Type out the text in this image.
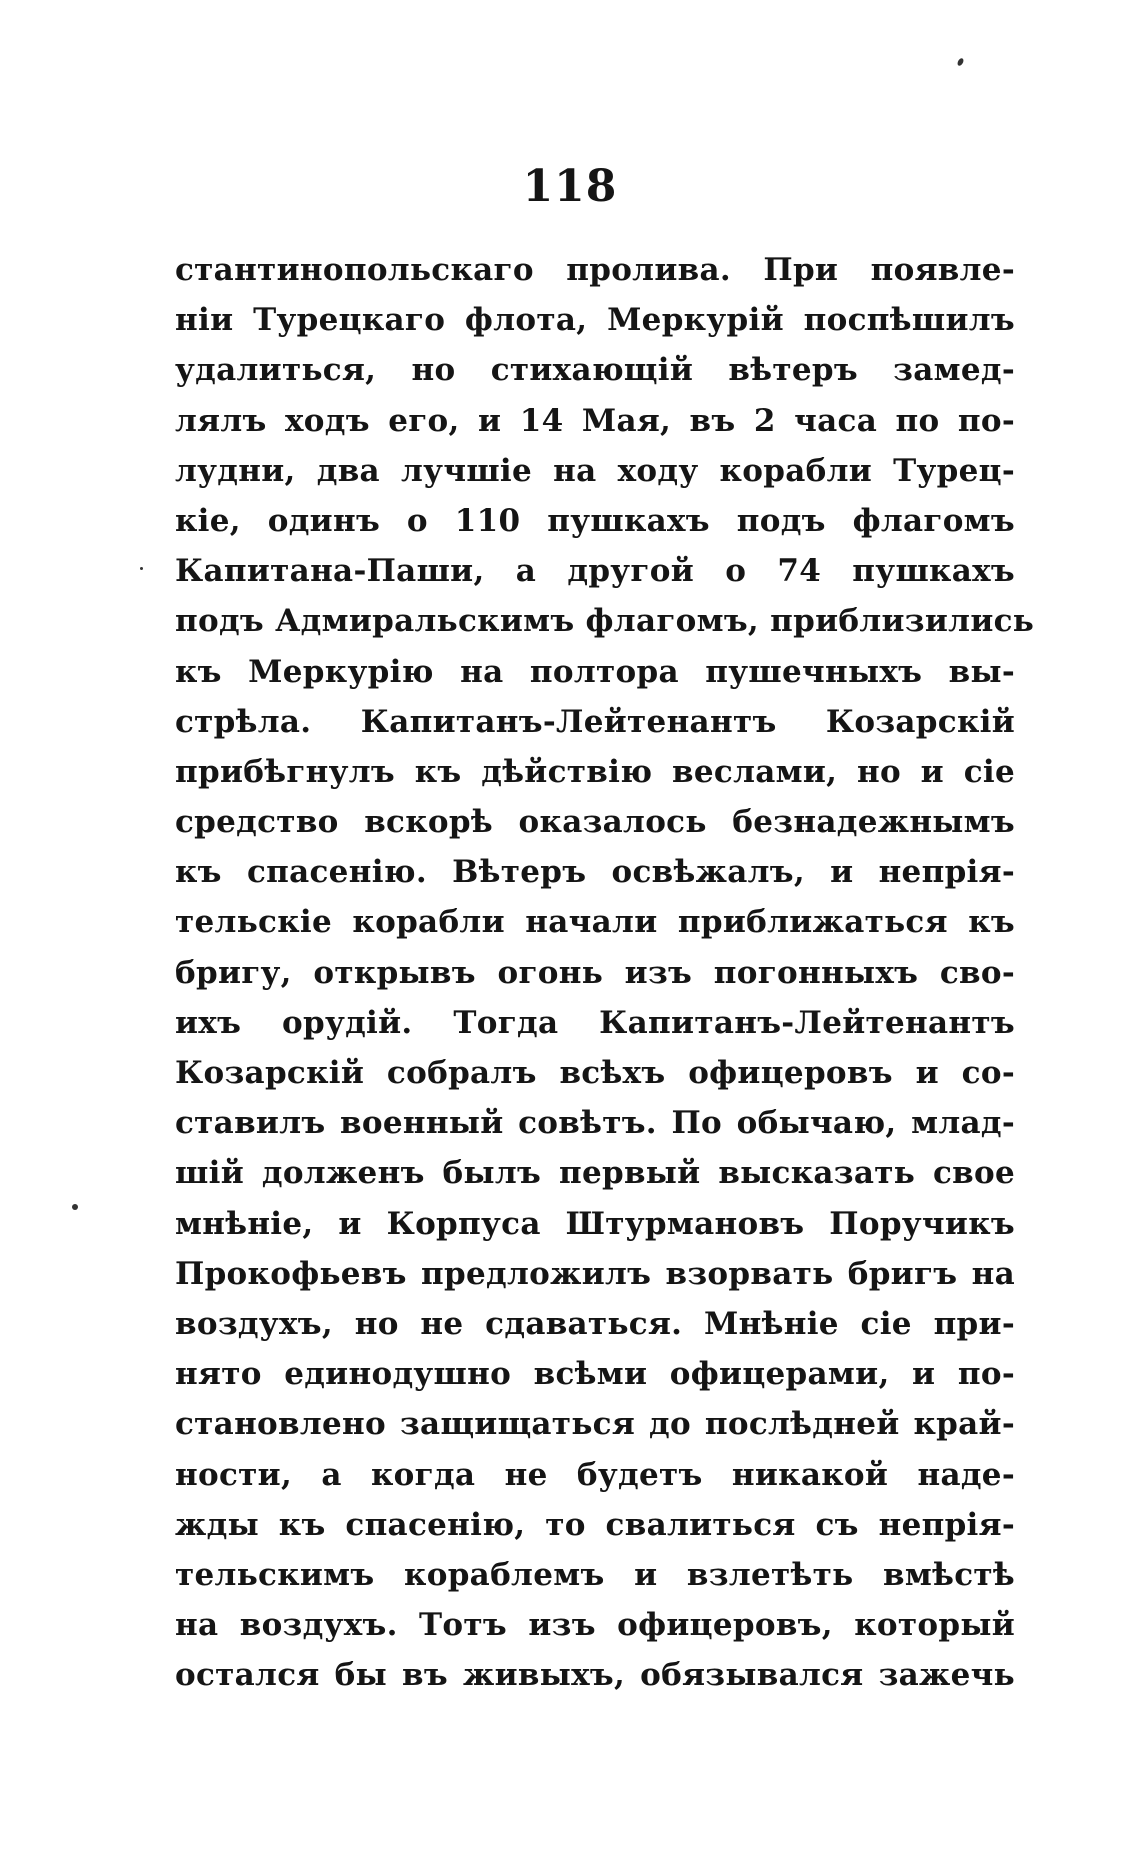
118
стантинопольскаго пролива. При появле-
ніи Турецкаго флота, Меркурій поспѣшилъ
удалиться, но стихающій вѣтеръ замед-
лялъ ходъ его, и 14 Мая, въ 2 часа по по-
лудни, два лучшіе на ходу корабли Турец-
кіе, одинъ о 110 пушкахъ подъ флагомъ
Капитана-Паши, а другой о 74 пушкахъ
подъ Адмиральскимъ флагомъ, приблизились
къ Меркурію на полтора пушечныхъ вы-
стрѣла. Капитанъ-Лейтенантъ Козарскій
прибѣгнулъ къ дѣйствію веслами, но и сіе
средство вскорѣ оказалось безнадежнымъ
къ спасенію. Вѣтеръ освѣжалъ, и непрія-
тельскіе корабли начали приближаться къ
бригу, открывъ огонь изъ погонныхъ сво-
ихъ орудій. Тогда Капитанъ-Лейтенантъ
Козарскій собралъ всѣхъ офицеровъ и со-
ставилъ военный совѣтъ. По обычаю, млад-
шій долженъ былъ первый высказать свое
мнѣніе, и Корпуса Штурмановъ Поручикъ
Прокофьевъ предложилъ взорвать бригъ на
воздухъ, но не сдаваться. Мнѣніе сіе при-
нято единодушно всѣми офицерами, и по-
становлено защищаться до послѣдней край-
ности, а когда не будетъ никакой наде-
жды къ спасенію, то свалиться съ непрія-
тельскимъ кораблемъ и взлетѣть вмѣстѣ
на воздухъ. Тотъ изъ офицеровъ, который
остался бы въ живыхъ, обязывался зажечь
